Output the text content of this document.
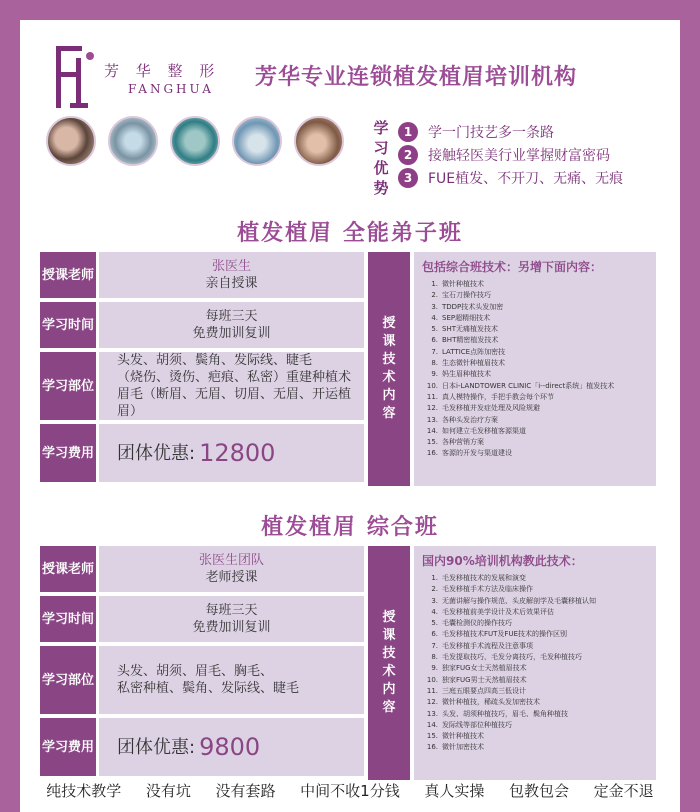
芳 华 整 形
FANGHUA 芳华专业连锁植发植眉培训机构
学习优势
1	学一门技艺多一条路
2	接触轻医美行业掌握财富密码
3	FUE植发、不开刀、无痛、无痕
植发植眉 全能弟子班
授课老师
张医生
亲自授课
学习时间
每班三天
免费加训复训
学习部位
头发、胡须、鬓角、发际线、睫毛
（烧伤、烫伤、疤痕、私密）重建种植术
眉毛（断眉、无眉、切眉、无眉、开运植眉）
学习费用 团体优惠: 12800
授课技术内容
包括综合班技术：另增下面内容：
1. 微针种植技术
2. 宝石刀操作技巧
3. TDDP技术头发加密
4. SEP超精细技术
5. SHT无痛植发技术
6. BHT精密植发技术
7. LATTICE点阵加密技
8. 生态微针种植眉技术
9. 妈生眉种植技术
10. 日本i-LANDTOWER CLINIC「i--direct系统」植发技术
11. 真人模特操作，手把手教会每个环节
12. 毛发移植并发症处理及风险规避
13. 各种头发治疗方案
14. 如何建立毛发移植客源渠道
15. 各种营销方案
16. 客源的开发与渠道建设
植发植眉 综合班
授课老师
张医生团队
老师授课
学习时间
每班三天
免费加训复训
学习部位
头发、胡须、眉毛、胸毛、
私密种植、鬓角、发际线、睫毛
学习费用 团体优惠: 9800
授课技术内容
国内90%培训机构教此技术：
1. 毛发移植技术的发展和演变
2. 毛发移植手术方法及临床操作
3. 无菌讲解与操作规范、头皮解剖学及毛囊移植认知
4. 毛发移植前美学设计及术后效果评估
5. 毛囊检测仪的操作技巧
6. 毛发移植技术FUT及FUE技术的操作区别
7. 毛发移植手术流程及注意事项
8. 毛发提取技巧，毛发分离技巧，毛发种植技巧
9. 独家FUG女士天然植眉技术
10. 独家FUG男士天然植眉技术
11. 三庭五眼要点四高三低设计
12. 微针种植技，稀疏头发加密技术
13. 头发、胡须种植技巧，眉毛、鬓角种植技
14. 发际线等部位种植技巧
15. 微针种植技术
16. 微针加密技术
纯技术教学 没有坑 没有套路 中间不收1分钱 真人实操 包教包会 定金不退
